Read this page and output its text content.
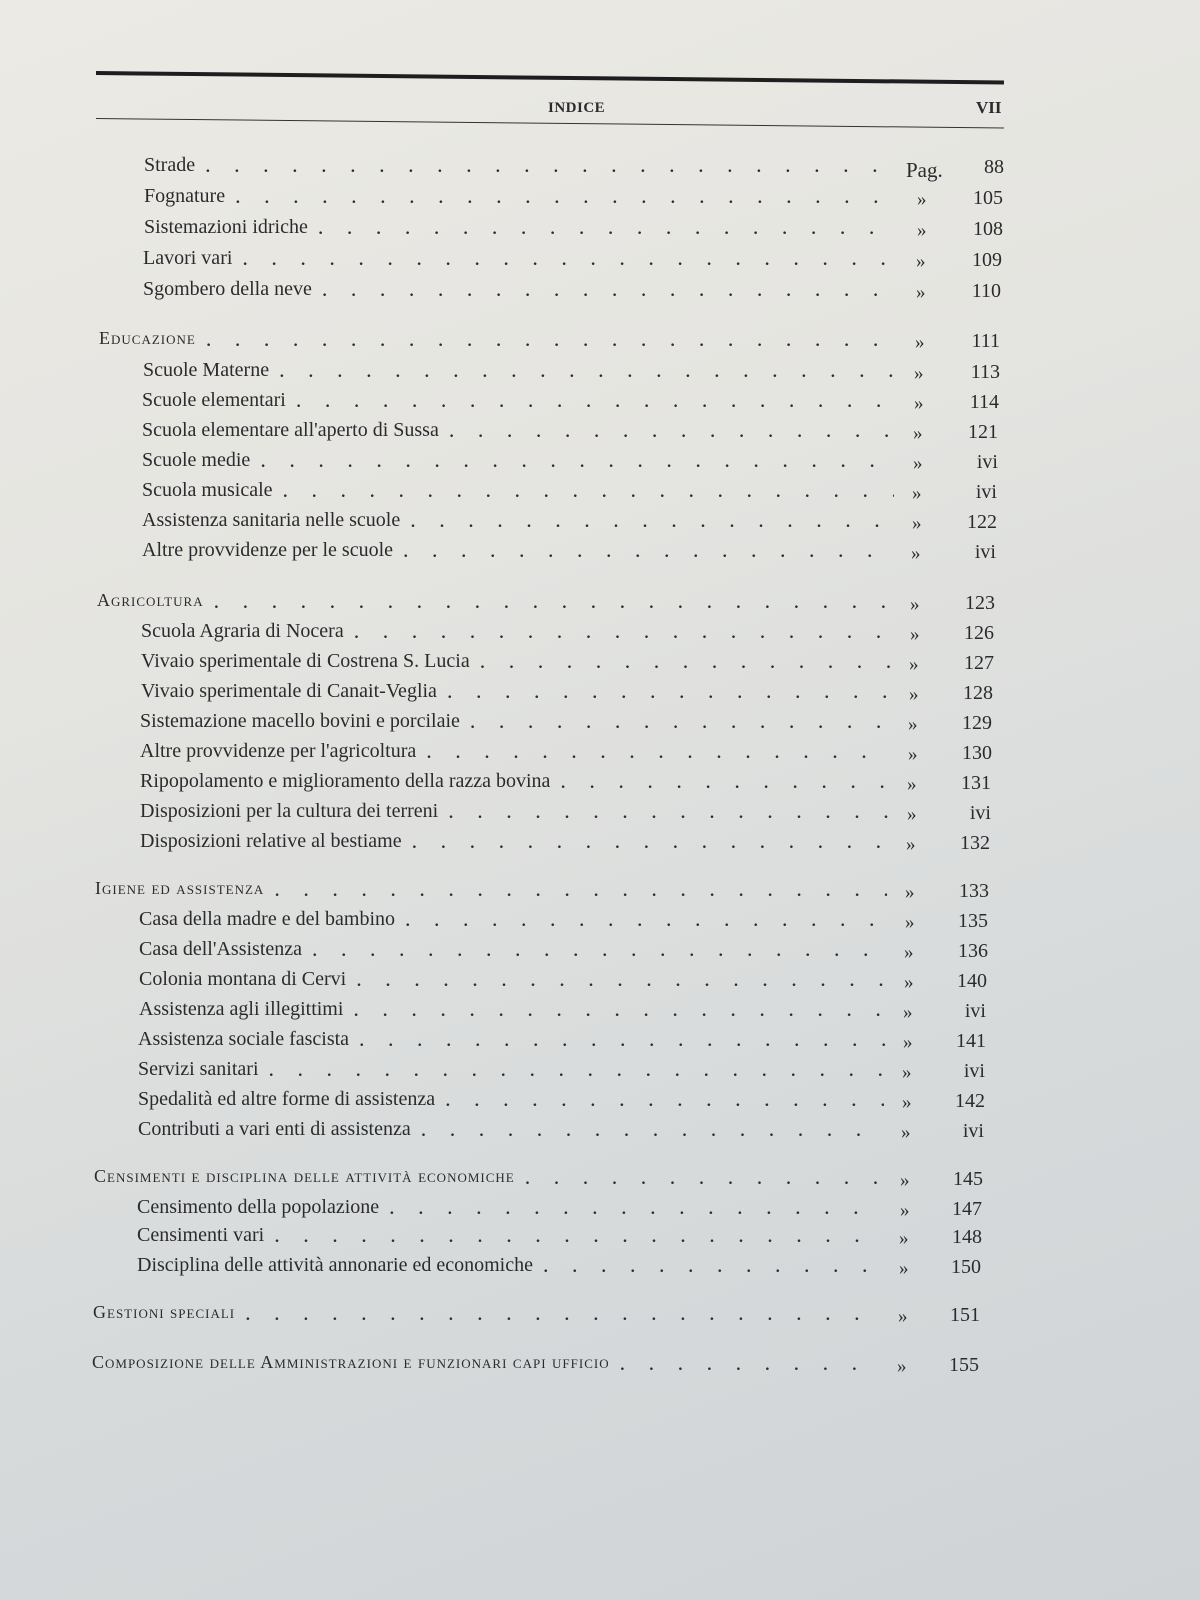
INDICE	VII
Strade . . .	Pag.	88
Fognature . . .	»	105
Sistemazioni idriche . . .	»	108
Lavori vari . . .	»	109
Sgombero della neve . . .	»	110
Educazione . . .	»	111
Scuole Materne . . .	»	113
Scuole elementari . . .	»	114
Scuola elementare all'aperto di Sussa . . .	»	121
Scuole medie . . .	»	ivi
Scuola musicale . . .	»	ivi
Assistenza sanitaria nelle scuole . . .	»	122
Altre provvidenze per le scuole . . .	»	ivi
Agricoltura . . .	»	123
Scuola Agraria di Nocera . . .	»	126
Vivaio sperimentale di Costrena S. Lucia . . .	»	127
Vivaio sperimentale di Canait-Veglia . . .	»	128
Sistemazione macello bovini e porcilaie . . .	»	129
Altre provvidenze per l'agricoltura . . .	»	130
Ripopolamento e miglioramento della razza bovina . . .	»	131
Disposizioni per la cultura dei terreni . . .	»	ivi
Disposizioni relative al bestiame . . .	»	132
Igiene ed assistenza . . .	»	133
Casa della madre e del bambino . . .	»	135
Casa dell'Assistenza . . .	»	136
Colonia montana di Cervi . . .	»	140
Assistenza agli illegittimi . . .	»	ivi
Assistenza sociale fascista . . .	»	141
Servizi sanitari . . .	»	ivi
Spedalità ed altre forme di assistenza . . .	»	142
Contributi a vari enti di assistenza . . .	»	ivi
Censimenti e disciplina delle attività economiche . . .	»	145
Censimento della popolazione . . .	»	147
Censimenti vari . . .	»	148
Disciplina delle attività annonarie ed economiche . . .	»	150
Gestioni speciali . . .	»	151
Composizione delle Amministrazioni e funzionari capi ufficio . . .	»	155
